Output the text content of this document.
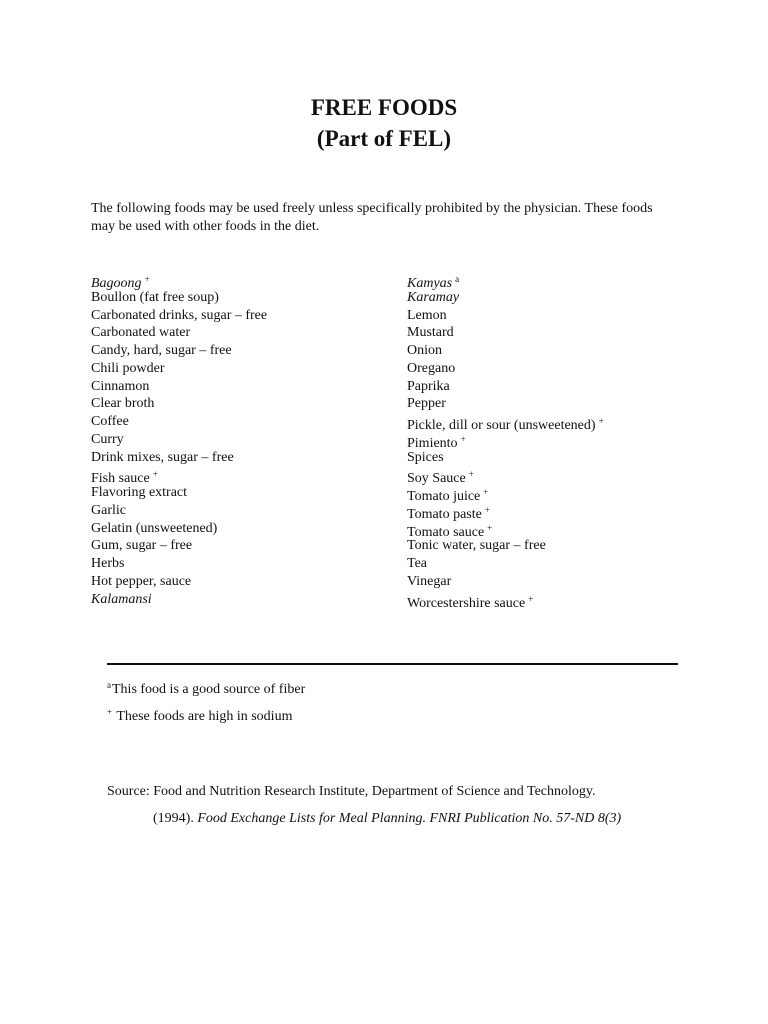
FREE FOODS
(Part of FEL)

The following foods may be used freely unless specifically prohibited by the physician. These foods may be used with other foods in the diet.

Bagoong +
Boullon (fat free soup)
Carbonated drinks, sugar – free
Carbonated water
Candy, hard, sugar – free
Chili powder
Cinnamon
Clear broth
Coffee
Curry
Drink mixes, sugar – free
Fish sauce +
Flavoring extract
Garlic
Gelatin (unsweetened)
Gum, sugar – free
Herbs
Hot pepper, sauce
Kalamansi
Kamyas $^a$
Karamay
Lemon
Mustard
Onion
Oregano
Paprika
Pepper
Pickle, dill or sour (unsweetened) +
Pimiento +
Spices
Soy Sauce +
Tomato juice +
Tomato paste +
Tomato sauce +
Tonic water, sugar – free
Tea
Vinegar
Worcestershire sauce +
$^a$This food is a good source of fiber
+ These foods are high in sodium
Source: Food and Nutrition Research Institute, Department of Science and Technology.
(1994). Food Exchange Lists for Meal Planning. FNRI Publication No. 57-ND 8(3)
